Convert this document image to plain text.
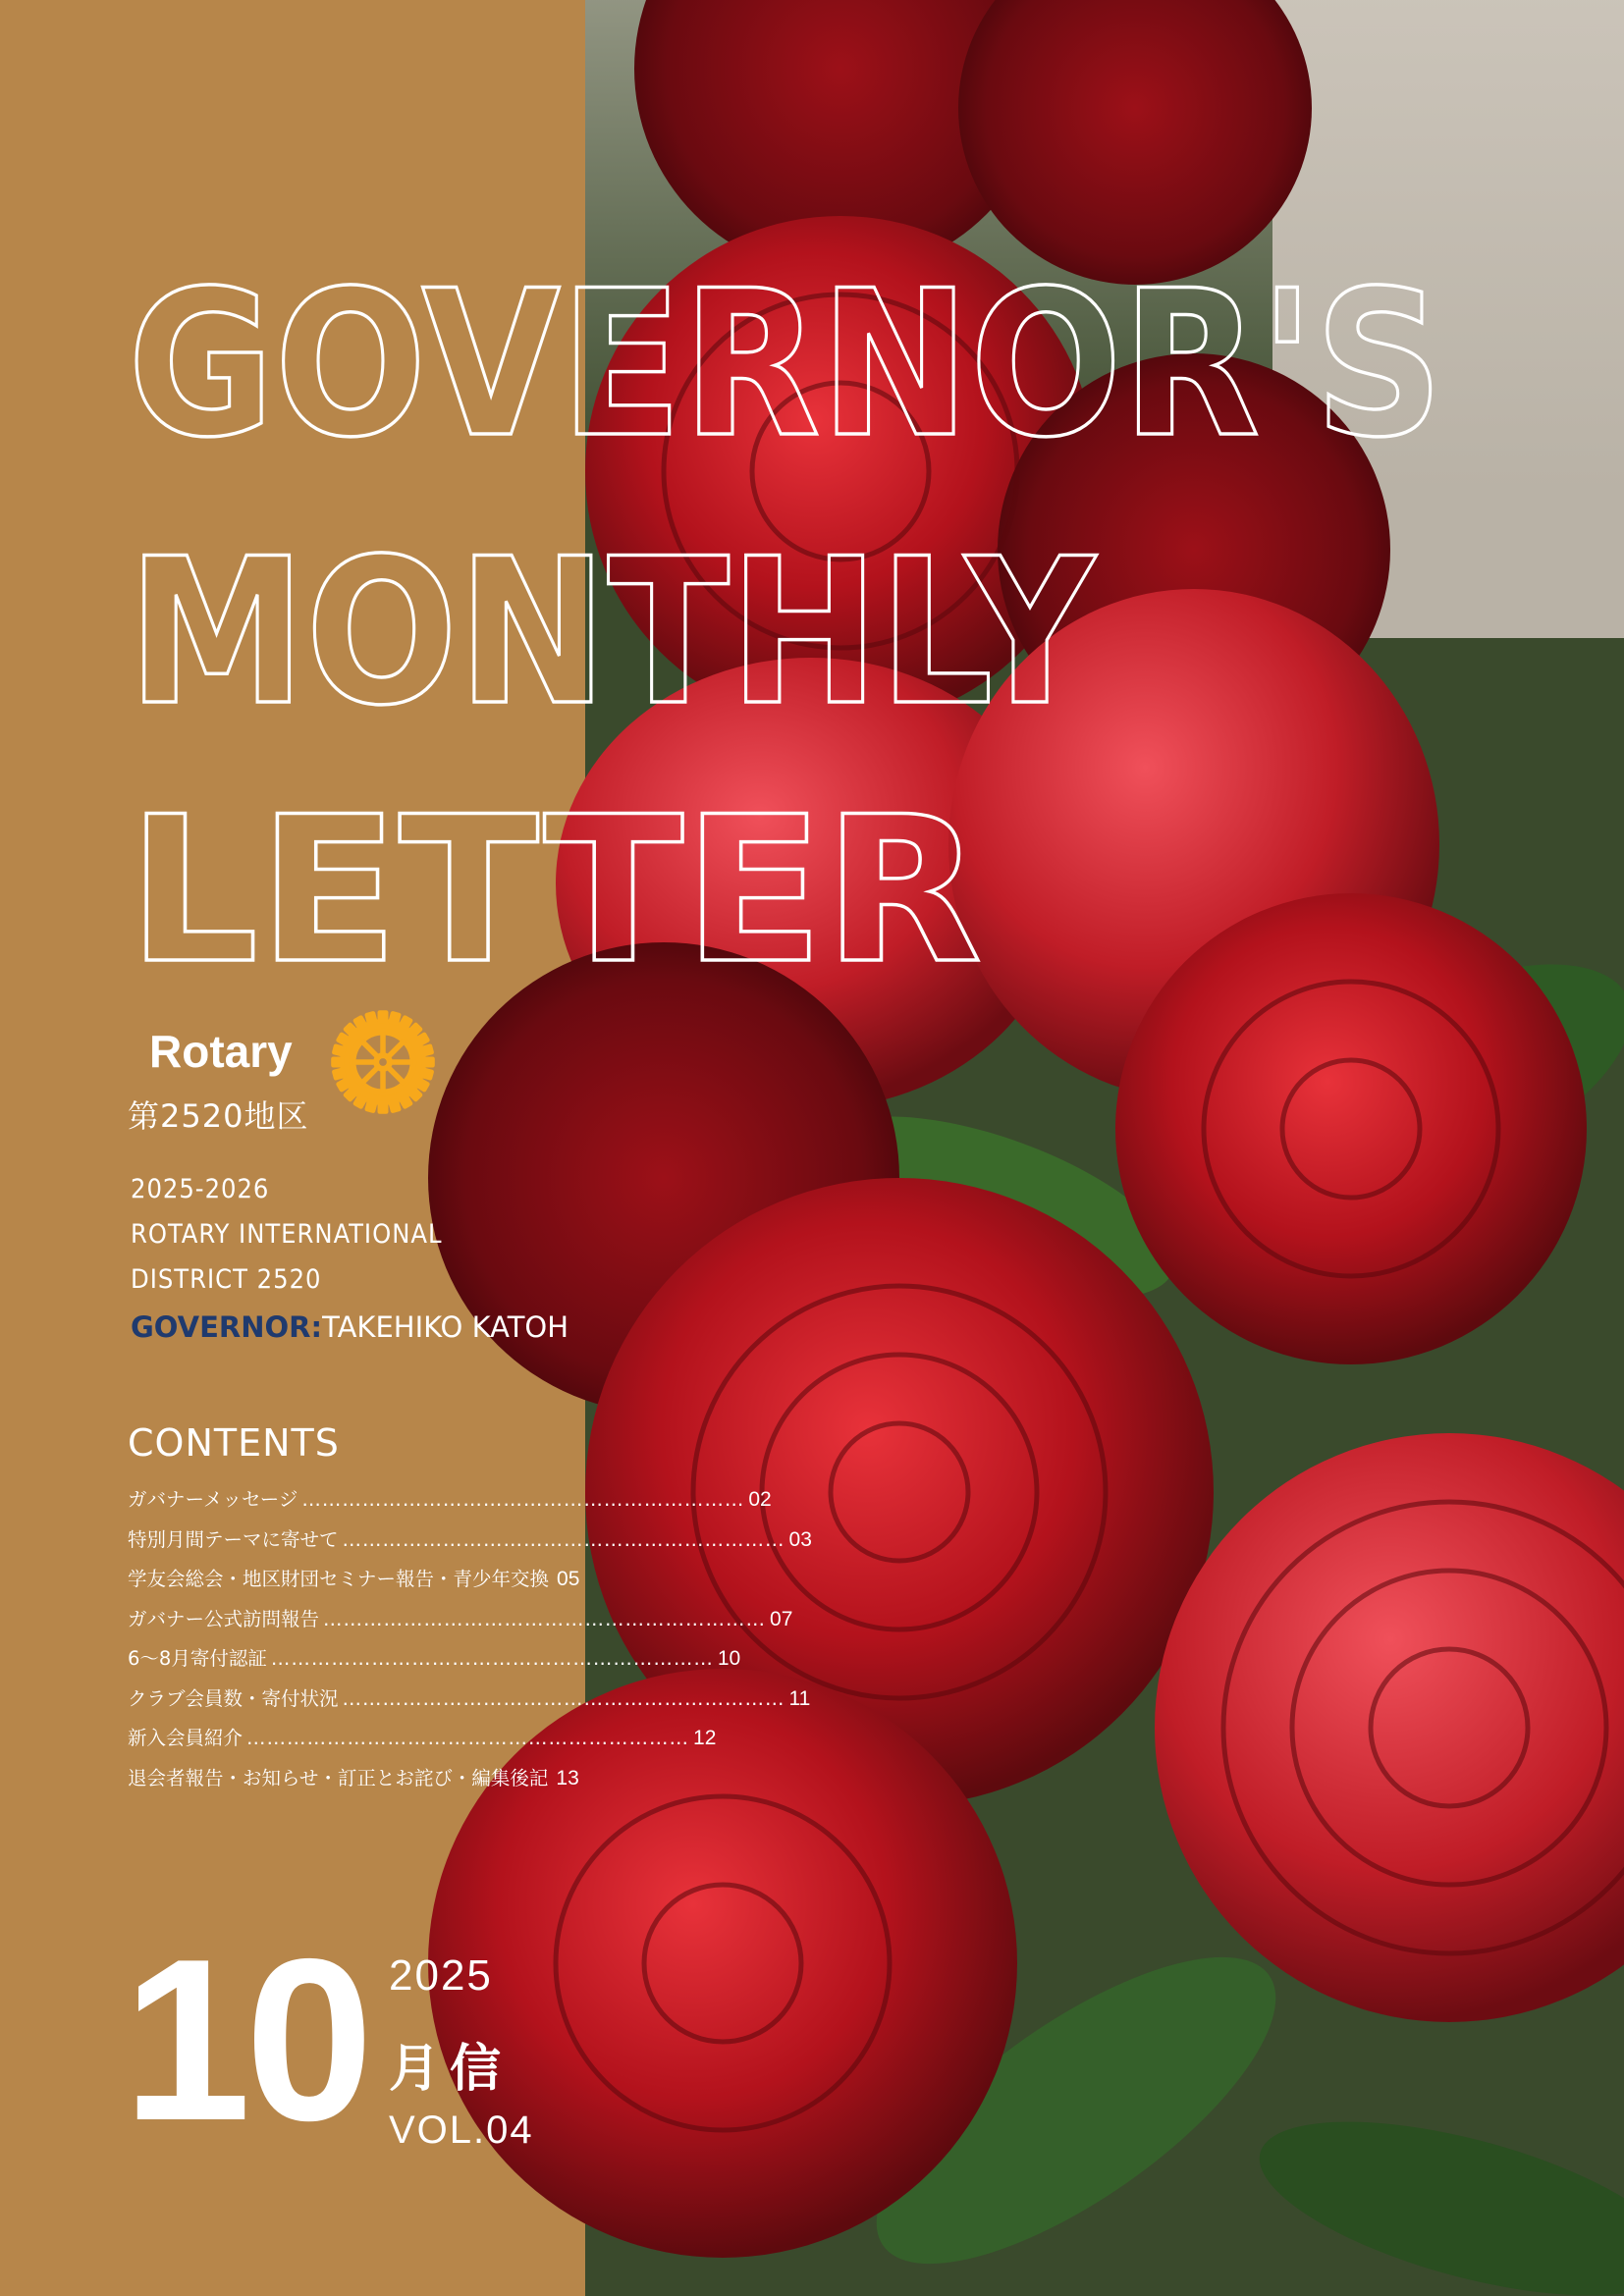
GOVERNOR'S
MONTHLY
LETTER
Rotary
第2520地区
2025-2026
ROTARY INTERNATIONAL
DISTRICT 2520
GOVERNOR:TAKEHIKO KATOH
CONTENTS
ガバナーメッセージ ………………………………………………………… 02
特別月間テーマに寄せて ………………………………………………………… 03
学友会総会・地区財団セミナー報告・青少年交換 05
ガバナー公式訪問報告 ………………………………………………………… 07
6〜8月寄付認証 ………………………………………………………… 10
クラブ会員数・寄付状況 ………………………………………………………… 11
新入会員紹介 ………………………………………………………… 12
退会者報告・お知らせ・訂正とお詫び・編集後記 13
10 2025
月信
VOL.04
